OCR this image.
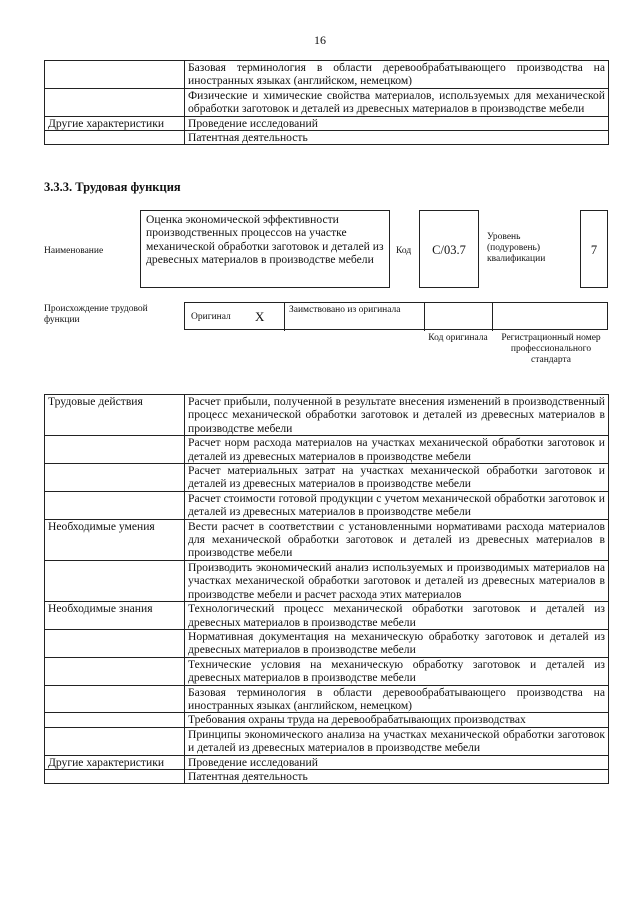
16
	Базовая терминология в области деревообрабатывающего производства на иностранных языках (английском, немецком)
	Физические и химические свойства материалов, используемых для механической обработки заготовок и деталей из древесных материалов в производстве мебели
Другие характеристики	Проведение исследований
	Патентная деятельность
3.3.3. Трудовая функция
Наименование
Оценка экономической эффективности производственных процессов на участке механической обработки заготовок и деталей из древесных материалов в производстве мебели
Код	C/03.7
Уровень (подуровень) квалификации
7
Происхождение трудовой функции	Оригинал X	Заимствовано из оригинала
Код оригинала	Регистрационный номер профессионального стандарта
Трудовые действия	Расчет прибыли, полученной в результате внесения изменений в производственный процесс механической обработки заготовок и деталей из древесных материалов в производстве мебели
	Расчет норм расхода материалов на участках механической обработки заготовок и деталей из древесных материалов в производстве мебели
	Расчет материальных затрат на участках механической обработки заготовок и деталей из древесных материалов в производстве мебели
	Расчет стоимости готовой продукции с учетом механической обработки заготовок и деталей из древесных материалов в производстве мебели
Необходимые умения	Вести расчет в соответствии с установленными нормативами расхода материалов для механической обработки заготовок и деталей из древесных материалов в производстве мебели
	Производить экономический анализ используемых и производимых материалов на участках механической обработки заготовок и деталей из древесных материалов в производстве мебели и расчет расхода этих материалов
Необходимые знания	Технологический процесс механической обработки заготовок и деталей из древесных материалов в производстве мебели
	Нормативная документация на механическую обработку заготовок и деталей из древесных материалов в производстве мебели
	Технические условия на механическую обработку заготовок и деталей из древесных материалов в производстве мебели
	Базовая терминология в области деревообрабатывающего производства на иностранных языках (английском, немецком)
	Требования охраны труда на деревообрабатывающих производствах
	Принципы экономического анализа на участках механической обработки заготовок и деталей из древесных материалов в производстве мебели
Другие характеристики	Проведение исследований
	Патентная деятельность
